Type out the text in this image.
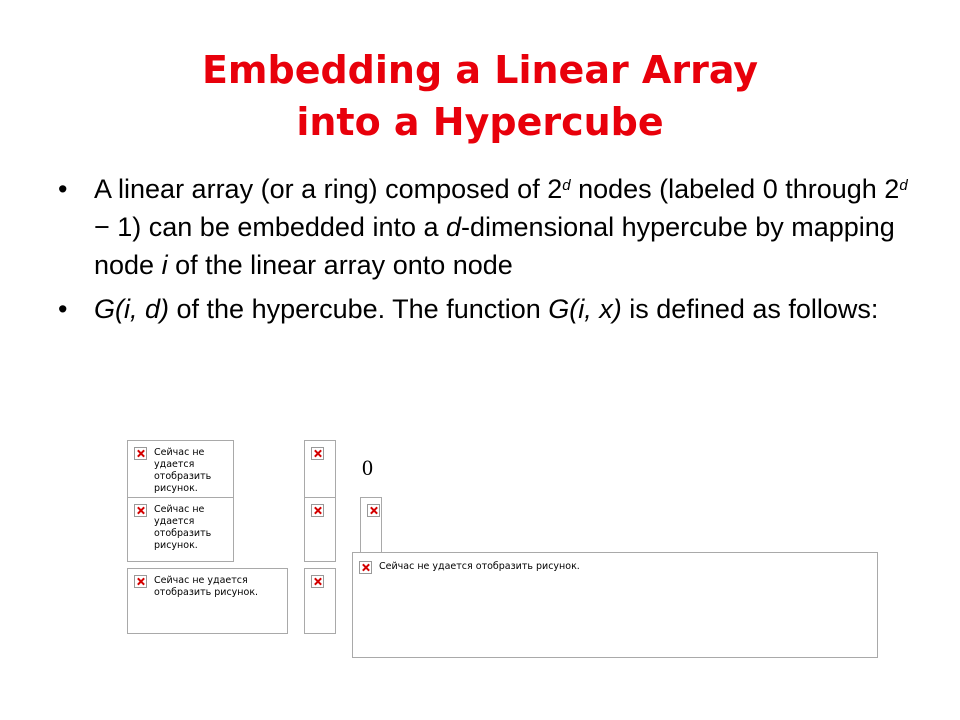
Embedding a Linear Array
into a Hypercube
• A linear array (or a ring) composed of 2$^d$ nodes (labeled 0 through $2^d - 1$) can be embedded into a d-dimensional hypercube by mapping node i of the linear array onto node
• G(i, d) of the hypercube. The function G(i, x) is defined as follows:
Сейчас не удается отобразить рисунок.
Сейчас не удается отобразить рисунок.
Сейчас не удается отобразить рисунок.
0
Сейчас не удается отобразить рисунок.
